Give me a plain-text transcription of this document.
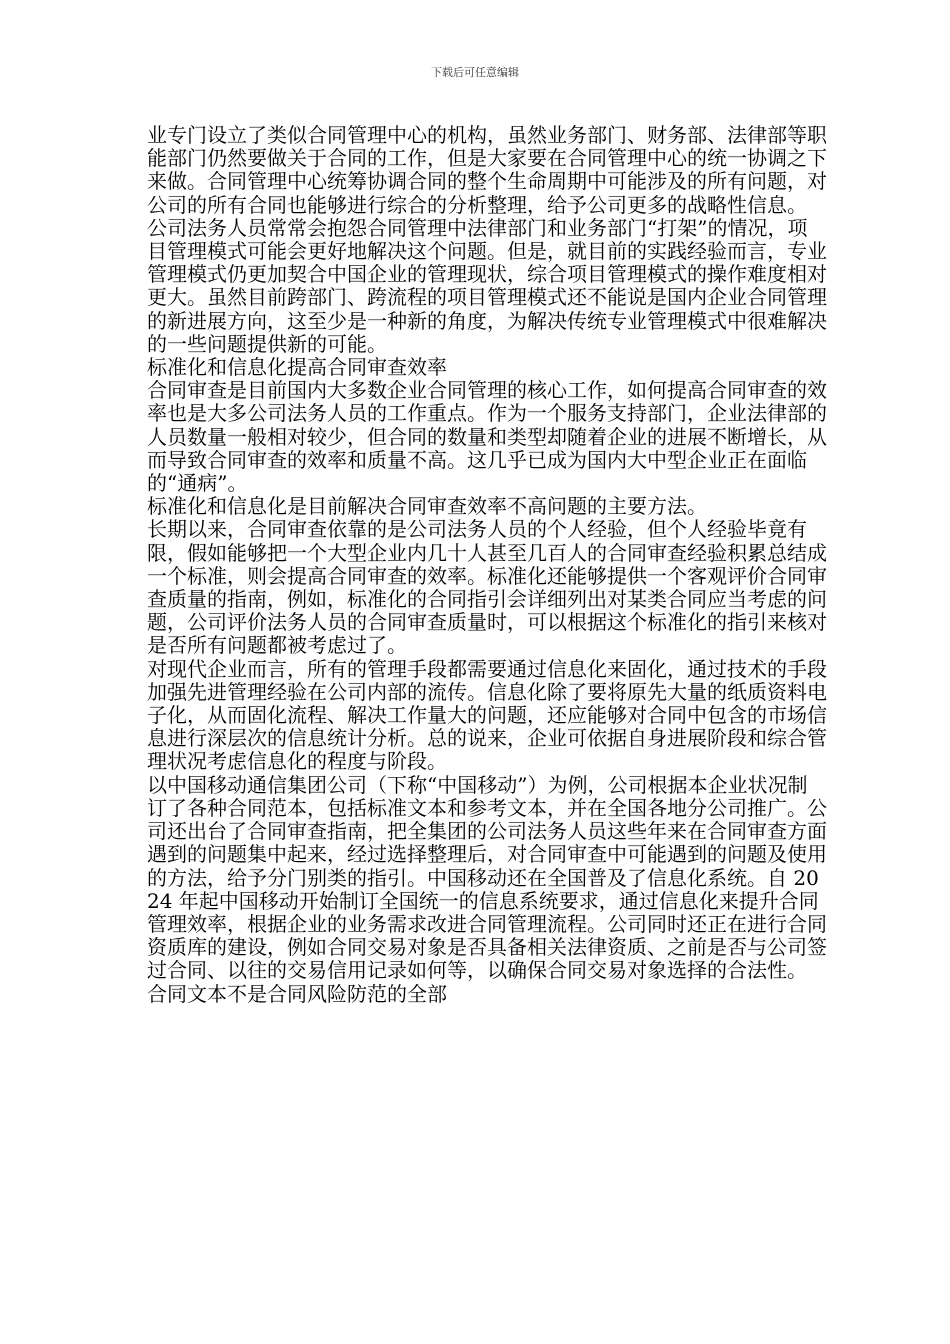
下载后可任意编辑

业专门设立了类似合同管理中心的机构，虽然业务部门、财务部、法律部等职能部门仍然要做关于合同的工作，但是大家要在合同管理中心的统一协调之下来做。合同管理中心统筹协调合同的整个生命周期中可能涉及的所有问题，对公司的所有合同也能够进行综合的分析整理，给予公司更多的战略性信息。

公司法务人员常常会抱怨合同管理中法律部门和业务部门“打架”的情况，项目管理模式可能会更好地解决这个问题。但是，就目前的实践经验而言，专业管理模式仍更加契合中国企业的管理现状，综合项目管理模式的操作难度相对更大。虽然目前跨部门、跨流程的项目管理模式还不能说是国内企业合同管理的新进展方向，这至少是一种新的角度，为解决传统专业管理模式中很难解决的一些问题提供新的可能。

标准化和信息化提高合同审查效率

合同审查是目前国内大多数企业合同管理的核心工作，如何提高合同审查的效率也是大多公司法务人员的工作重点。作为一个服务支持部门，企业法律部的人员数量一般相对较少，但合同的数量和类型却随着企业的进展不断增长，从而导致合同审查的效率和质量不高。这几乎已成为国内大中型企业正在面临的“通病”。

标准化和信息化是目前解决合同审查效率不高问题的主要方法。

长期以来，合同审查依靠的是公司法务人员的个人经验，但个人经验毕竟有限，假如能够把一个大型企业内几十人甚至几百人的合同审查经验积累总结成一个标准，则会提高合同审查的效率。标准化还能够提供一个客观评价合同审查质量的指南，例如，标准化的合同指引会详细列出对某类合同应当考虑的问题，公司评价法务人员的合同审查质量时，可以根据这个标准化的指引来核对是否所有问题都被考虑过了。

对现代企业而言，所有的管理手段都需要通过信息化来固化，通过技术的手段加强先进管理经验在公司内部的流传。信息化除了要将原先大量的纸质资料电子化，从而固化流程、解决工作量大的问题，还应能够对合同中包含的市场信息进行深层次的信息统计分析。总的说来，企业可依据自身进展阶段和综合管理状况考虑信息化的程度与阶段。

以中国移动通信集团公司（下称“中国移动”）为例，公司根据本企业状况制订了各种合同范本，包括标准文本和参考文本，并在全国各地分公司推广。公司还出台了合同审查指南，把全集团的公司法务人员这些年来在合同审查方面遇到的问题集中起来，经过选择整理后，对合同审查中可能遇到的问题及使用的方法，给予分门别类的指引。中国移动还在全国普及了信息化系统。自 2024 年起中国移动开始制订全国统一的信息系统要求，通过信息化来提升合同管理效率，根据企业的业务需求改进合同管理流程。公司同时还正在进行合同资质库的建设，例如合同交易对象是否具备相关法律资质、之前是否与公司签过合同、以往的交易信用记录如何等，以确保合同交易对象选择的合法性。

合同文本不是合同风险防范的全部
